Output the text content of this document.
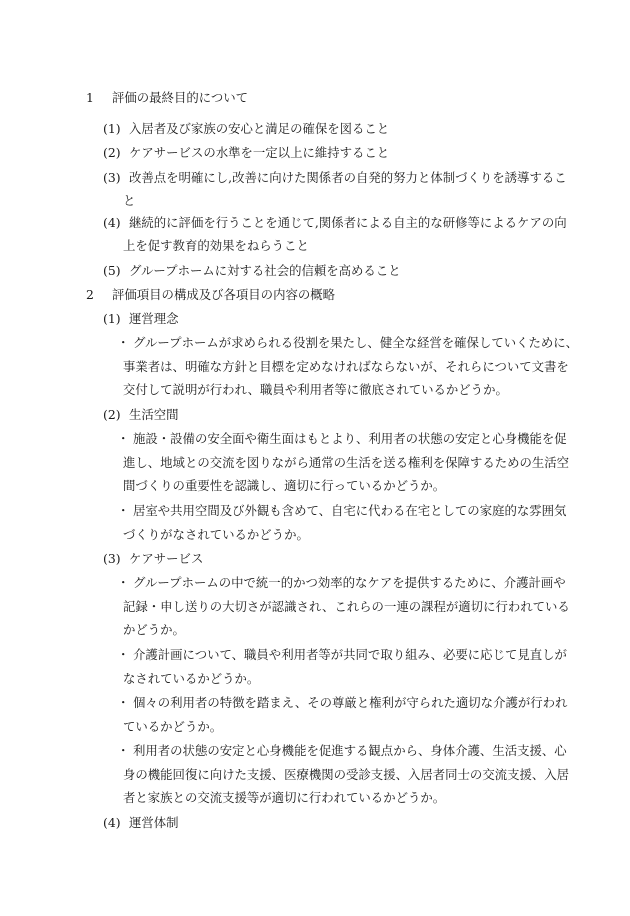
1 評価の最終目的について
(1) 入居者及び家族の安心と満足の確保を図ること
(2) ケアサービスの水準を一定以上に維持すること
(3) 改善点を明確にし,改善に向けた関係者の自発的努力と体制づくりを誘導するこ
と
(4) 継続的に評価を行うことを通じて,関係者による自主的な研修等によるケアの向
上を促す教育的効果をねらうこと
(5) グループホームに対する社会的信頼を高めること
2 評価項目の構成及び各項目の内容の概略
(1) 運営理念
・ グループホームが求められる役割を果たし、健全な経営を確保していくために、
事業者は、明確な方針と目標を定めなければならないが、それらについて文書を
交付して説明が行われ、職員や利用者等に徹底されているかどうか。
(2) 生活空間
・ 施設・設備の安全面や衛生面はもとより、利用者の状態の安定と心身機能を促
進し、地域との交流を図りながら通常の生活を送る権利を保障するための生活空
間づくりの重要性を認識し、適切に行っているかどうか。
・ 居室や共用空間及び外観も含めて、自宅に代わる在宅としての家庭的な雰囲気
づくりがなされているかどうか。
(3) ケアサービス
・ グループホームの中で統一的かつ効率的なケアを提供するために、介護計画や
記録・申し送りの大切さが認識され、これらの一連の課程が適切に行われている
かどうか。
・ 介護計画について、職員や利用者等が共同で取り組み、必要に応じて見直しが
なされているかどうか。
・ 個々の利用者の特徴を踏まえ、その尊厳と権利が守られた適切な介護が行われ
ているかどうか。
・ 利用者の状態の安定と心身機能を促進する観点から、身体介護、生活支援、心
身の機能回復に向けた支援、医療機関の受診支援、入居者同士の交流支援、入居
者と家族との交流支援等が適切に行われているかどうか。
(4) 運営体制
